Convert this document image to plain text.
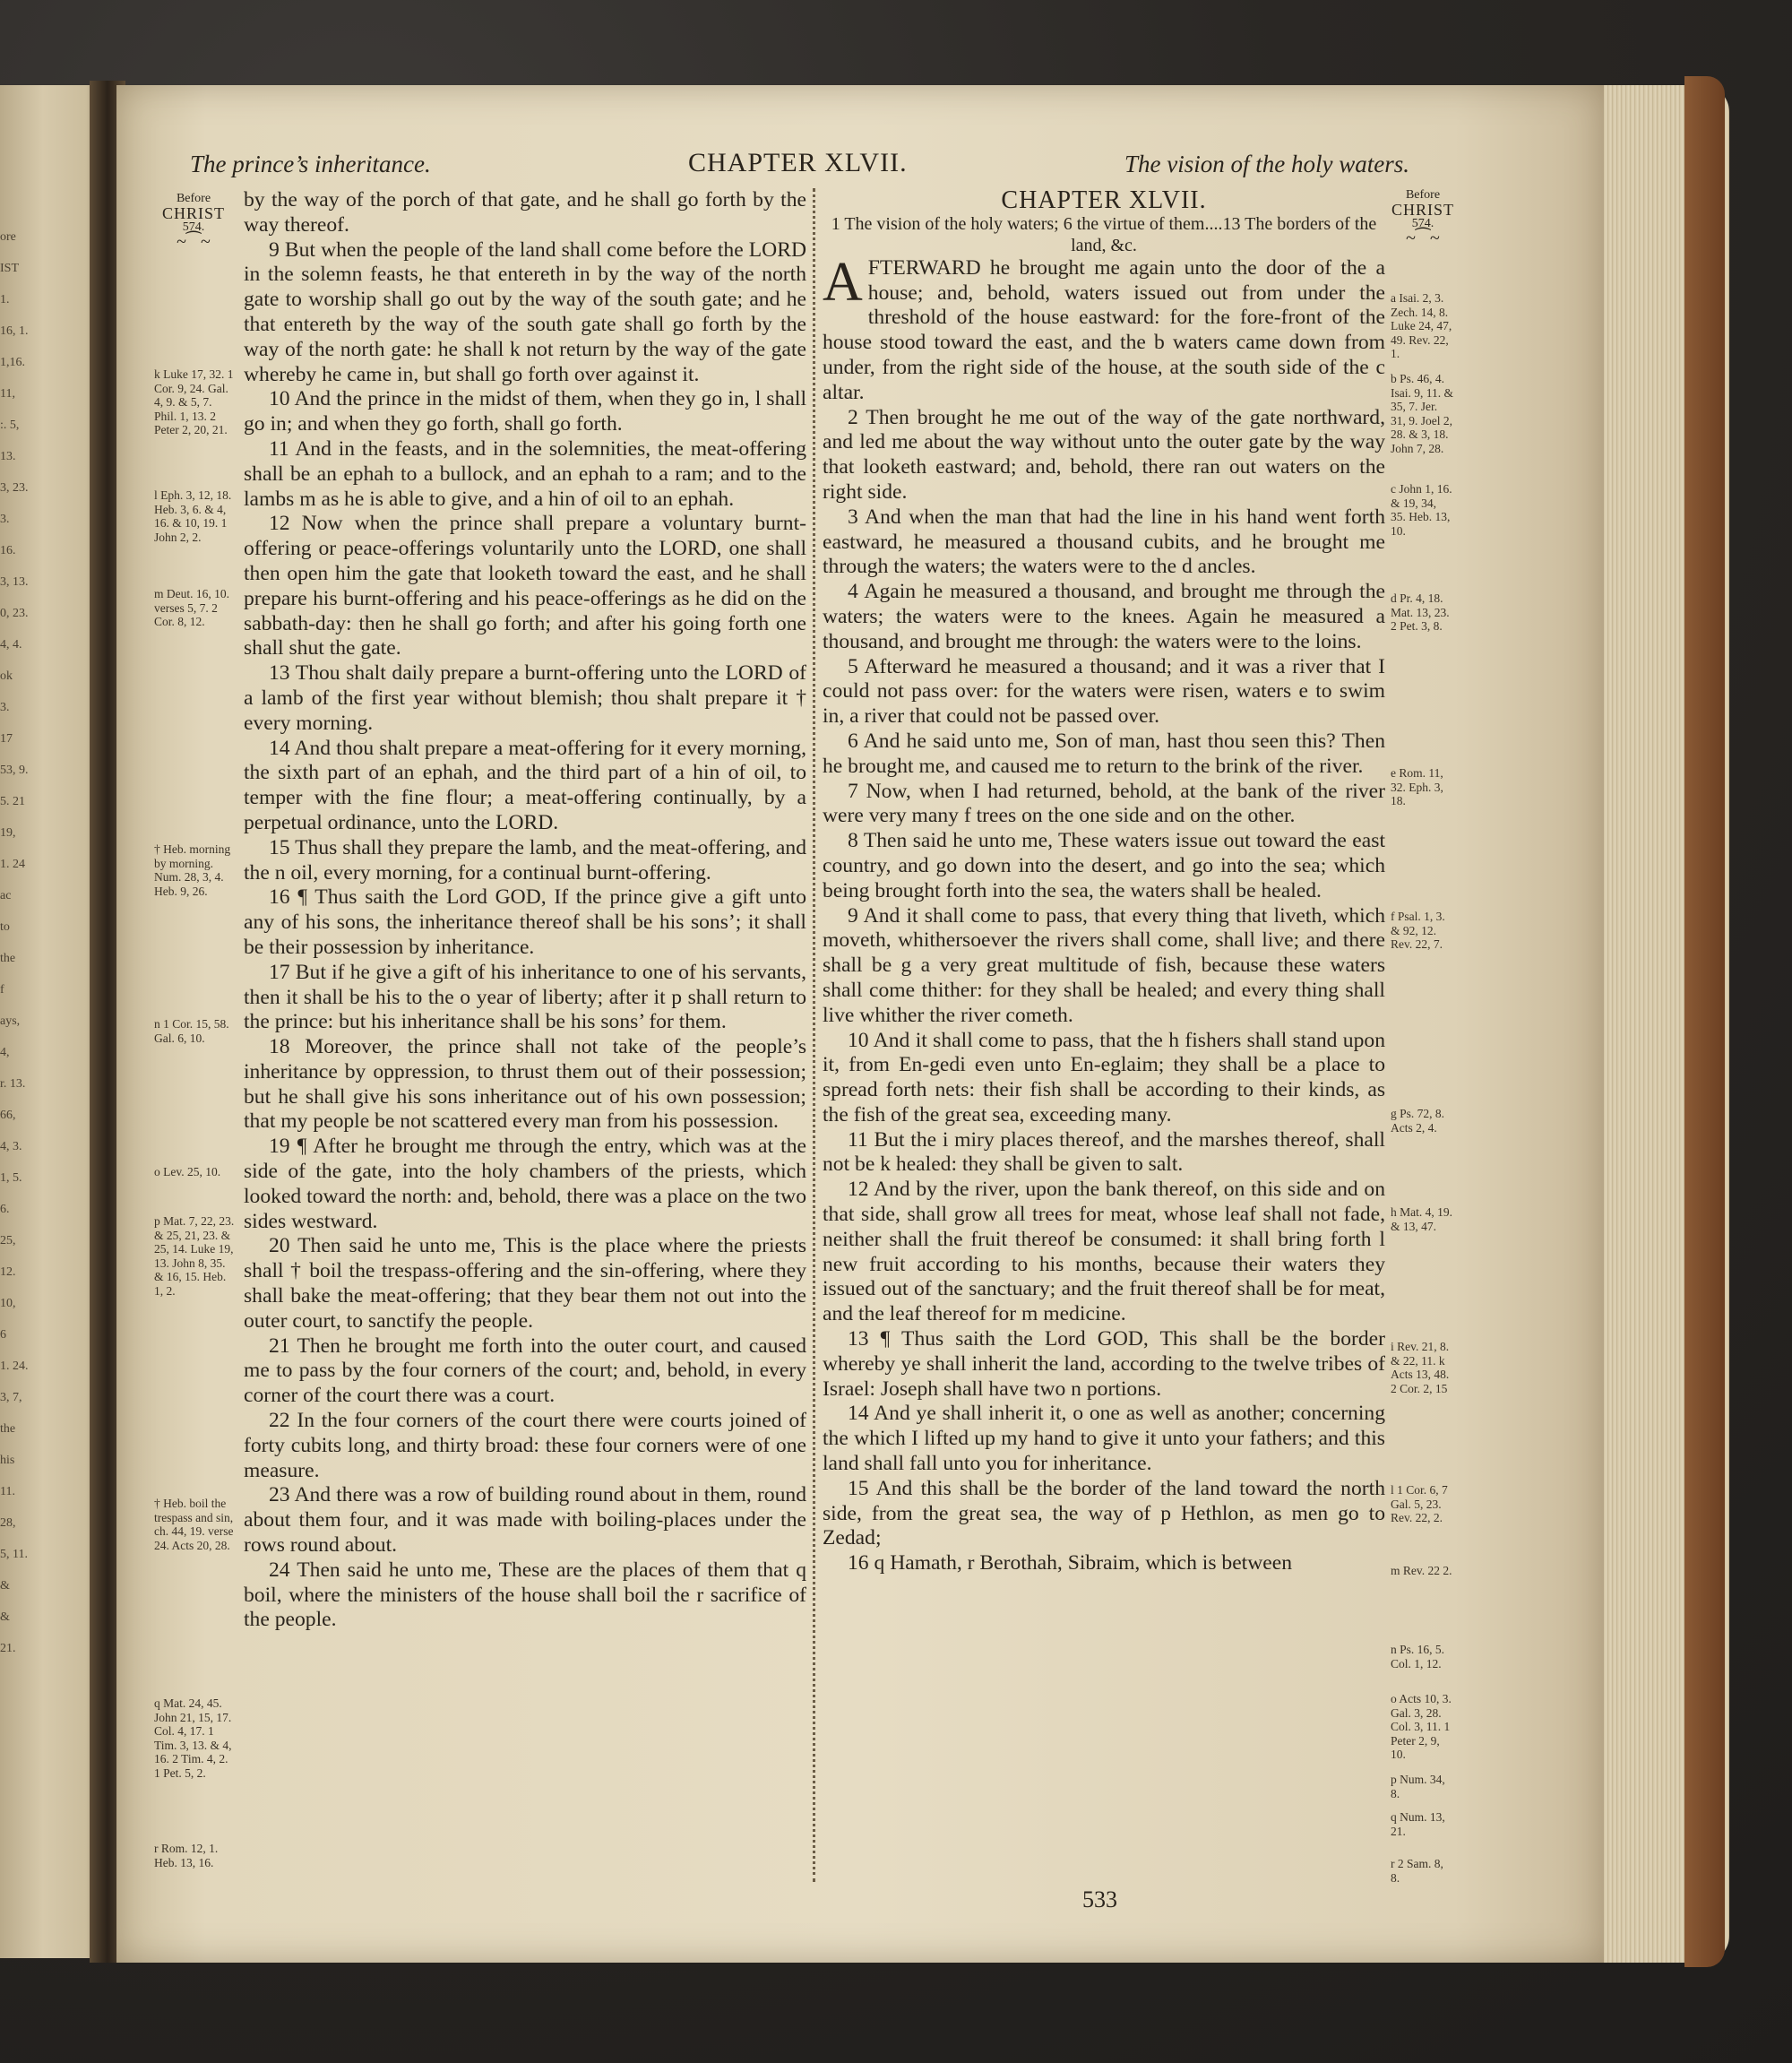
ore
IST
1.
16, 1.
1,16.
11,
:. 5,
13.
3, 23.
3.
16.
3, 13.
0, 23.
4, 4.
ok
3.
17
53, 9.
5. 21
19,
1. 24
ac
to
the
f
ays,
4,
r. 13.
66,
4, 3.
1, 5.
6.
25,
12.
10,
6
1. 24.
3, 7,
the
his
11.
28,
5, 11.
&
&
21.
The prince’s inheritance.	CHAPTER XLVII.	The vision of the holy waters.
Before
CHRIST
574.
~⁀~
Before
CHRIST
574.
~⁀~

by the way of the porch of that gate, and he shall go forth by the way thereof.

9 But when the people of the land shall come before the LORD in the solemn feasts, he that entereth in by the way of the north gate to worship shall go out by the way of the south gate; and he that entereth by the way of the south gate shall go forth by the way of the north gate: he shall k not return by the way of the gate whereby he came in, but shall go forth over against it.

10 And the prince in the midst of them, when they go in, l shall go in; and when they go forth, shall go forth.

11 And in the feasts, and in the solemnities, the meat-offering shall be an ephah to a bullock, and an ephah to a ram; and to the lambs m as he is able to give, and a hin of oil to an ephah.

12 Now when the prince shall prepare a voluntary burnt-offering or peace-offerings voluntarily unto the LORD, one shall then open him the gate that looketh toward the east, and he shall prepare his burnt-offering and his peace-offerings as he did on the sabbath-day: then he shall go forth; and after his going forth one shall shut the gate.

13 Thou shalt daily prepare a burnt-offering unto the LORD of a lamb of the first year without blemish; thou shalt prepare it † every morning.

14 And thou shalt prepare a meat-offering for it every morning, the sixth part of an ephah, and the third part of a hin of oil, to temper with the fine flour; a meat-offering continually, by a perpetual ordinance, unto the LORD.

15 Thus shall they prepare the lamb, and the meat-offering, and the n oil, every morning, for a continual burnt-offering.

16 ¶ Thus saith the Lord GOD, If the prince give a gift unto any of his sons, the inheritance thereof shall be his sons’; it shall be their possession by inheritance.

17 But if he give a gift of his inheritance to one of his servants, then it shall be his to the o year of liberty; after it p shall return to the prince: but his inheritance shall be his sons’ for them.

18 Moreover, the prince shall not take of the people’s inheritance by oppression, to thrust them out of their possession; but he shall give his sons inheritance out of his own possession; that my people be not scattered every man from his possession.

19 ¶ After he brought me through the entry, which was at the side of the gate, into the holy chambers of the priests, which looked toward the north: and, behold, there was a place on the two sides westward.

20 Then said he unto me, This is the place where the priests shall † boil the trespass-offering and the sin-offering, where they shall bake the meat-offering; that they bear them not out into the outer court, to sanctify the people.

21 Then he brought me forth into the outer court, and caused me to pass by the four corners of the court; and, behold, in every corner of the court there was a court.

22 In the four corners of the court there were courts joined of forty cubits long, and thirty broad: these four corners were of one measure.

23 And there was a row of building round about in them, round about them four, and it was made with boiling-places under the rows round about.

24 Then said he unto me, These are the places of them that q boil, where the ministers of the house shall boil the r sacrifice of the people.

CHAPTER XLVII.

1 The vision of the holy waters; 6 the virtue of them....13 The borders of the land, &c.

AFTERWARD he brought me again unto the door of the a house; and, behold, waters issued out from under the threshold of the house eastward: for the fore-front of the house stood toward the east, and the b waters came down from under, from the right side of the house, at the south side of the c altar.

2 Then brought he me out of the way of the gate northward, and led me about the way without unto the outer gate by the way that looketh eastward; and, behold, there ran out waters on the right side.

3 And when the man that had the line in his hand went forth eastward, he measured a thousand cubits, and he brought me through the waters; the waters were to the d ancles.

4 Again he measured a thousand, and brought me through the waters; the waters were to the knees. Again he measured a thousand, and brought me through: the waters were to the loins.

5 Afterward he measured a thousand; and it was a river that I could not pass over: for the waters were risen, waters e to swim in, a river that could not be passed over.

6 And he said unto me, Son of man, hast thou seen this? Then he brought me, and caused me to return to the brink of the river.

7 Now, when I had returned, behold, at the bank of the river were very many f trees on the one side and on the other.

8 Then said he unto me, These waters issue out toward the east country, and go down into the desert, and go into the sea; which being brought forth into the sea, the waters shall be healed.

9 And it shall come to pass, that every thing that liveth, which moveth, whithersoever the rivers shall come, shall live; and there shall be g a very great multitude of fish, because these waters shall come thither: for they shall be healed; and every thing shall live whither the river cometh.

10 And it shall come to pass, that the h fishers shall stand upon it, from En-gedi even unto En-eglaim; they shall be a place to spread forth nets: their fish shall be according to their kinds, as the fish of the great sea, exceeding many.

11 But the i miry places thereof, and the marshes thereof, shall not be k healed: they shall be given to salt.

12 And by the river, upon the bank thereof, on this side and on that side, shall grow all trees for meat, whose leaf shall not fade, neither shall the fruit thereof be consumed: it shall bring forth l new fruit according to his months, because their waters they issued out of the sanctuary; and the fruit thereof shall be for meat, and the leaf thereof for m medicine.

13 ¶ Thus saith the Lord GOD, This shall be the border whereby ye shall inherit the land, according to the twelve tribes of Israel: Joseph shall have two n portions.

14 And ye shall inherit it, o one as well as another; concerning the which I lifted up my hand to give it unto your fathers; and this land shall fall unto you for inheritance.

15 And this shall be the border of the land toward the north side, from the great sea, the way of p Hethlon, as men go to Zedad;

16 q Hamath, r Berothah, Sibraim, which is between

k Luke 17, 32. 1 Cor. 9, 24. Gal. 4, 9. & 5, 7. Phil. 1, 13. 2 Peter 2, 20, 21.
l Eph. 3, 12, 18. Heb. 3, 6. & 4, 16. & 10, 19. 1 John 2, 2.
m Deut. 16, 10. verses 5, 7. 2 Cor. 8, 12.
† Heb. morning by morning. Num. 28, 3, 4. Heb. 9, 26.
n 1 Cor. 15, 58. Gal. 6, 10.
o Lev. 25, 10.
p Mat. 7, 22, 23. & 25, 21, 23. & 25, 14. Luke 19, 13. John 8, 35. & 16, 15. Heb. 1, 2.
† Heb. boil the trespass and sin, ch. 44, 19. verse 24. Acts 20, 28.
q Mat. 24, 45. John 21, 15, 17. Col. 4, 17. 1 Tim. 3, 13. & 4, 16. 2 Tim. 4, 2. 1 Pet. 5, 2.
r Rom. 12, 1. Heb. 13, 16.
a Isai. 2, 3. Zech. 14, 8. Luke 24, 47, 49. Rev. 22, 1.
b Ps. 46, 4. Isai. 9, 11. & 35, 7. Jer. 31, 9. Joel 2, 28. & 3, 18. John 7, 28.
c John 1, 16. & 19, 34, 35. Heb. 13, 10.
d Pr. 4, 18. Mat. 13, 23. 2 Pet. 3, 8.
e Rom. 11, 32. Eph. 3, 18.
f Psal. 1, 3. & 92, 12. Rev. 22, 7.
g Ps. 72, 8. Acts 2, 4.
h Mat. 4, 19. & 13, 47.
i Rev. 21, 8. & 22, 11. k Acts 13, 48. 2 Cor. 2, 15
l 1 Cor. 6, 7 Gal. 5, 23. Rev. 22, 2.
m Rev. 22 2.
n Ps. 16, 5. Col. 1, 12.
o Acts 10, 3. Gal. 3, 28. Col. 3, 11. 1 Peter 2, 9, 10.
p Num. 34, 8.
q Num. 13, 21.
r 2 Sam. 8, 8.
533
